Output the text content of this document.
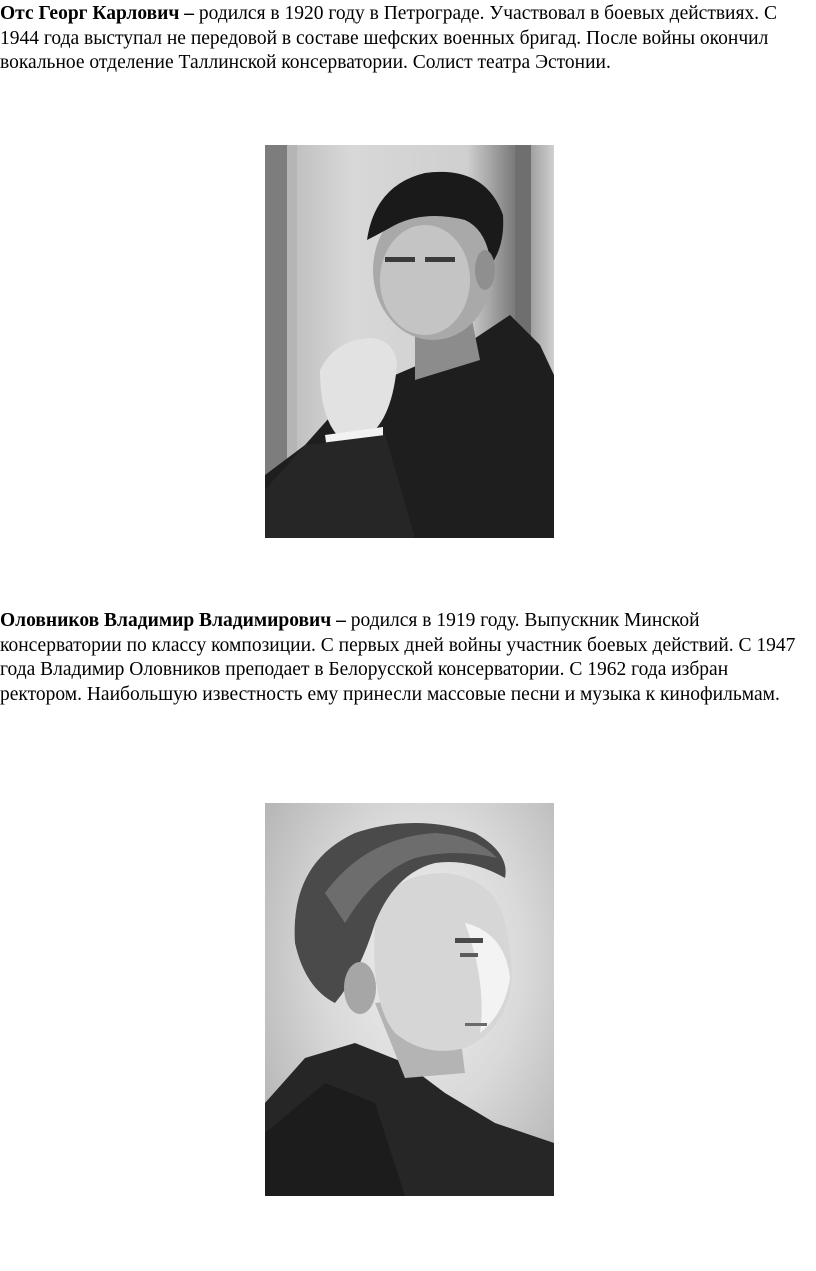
Отс Георг Карлович – родился в 1920 году в Петрограде. Участвовал в боевых действиях. С 1944 года выступал не передовой в составе шефских военных бригад. После войны окончил вокальное отделение Таллинской консерватории. Солист театра Эстонии.

Оловников Владимир Владимирович – родился в 1919 году. Выпускник Минской консерватории по классу композиции. С первых дней войны участник боевых действий. С 1947 года Владимир Оловников преподает в Белорусской консерватории. С 1962 года избран ректором. Наибольшую известность ему принесли массовые песни и музыка к кинофильмам.
